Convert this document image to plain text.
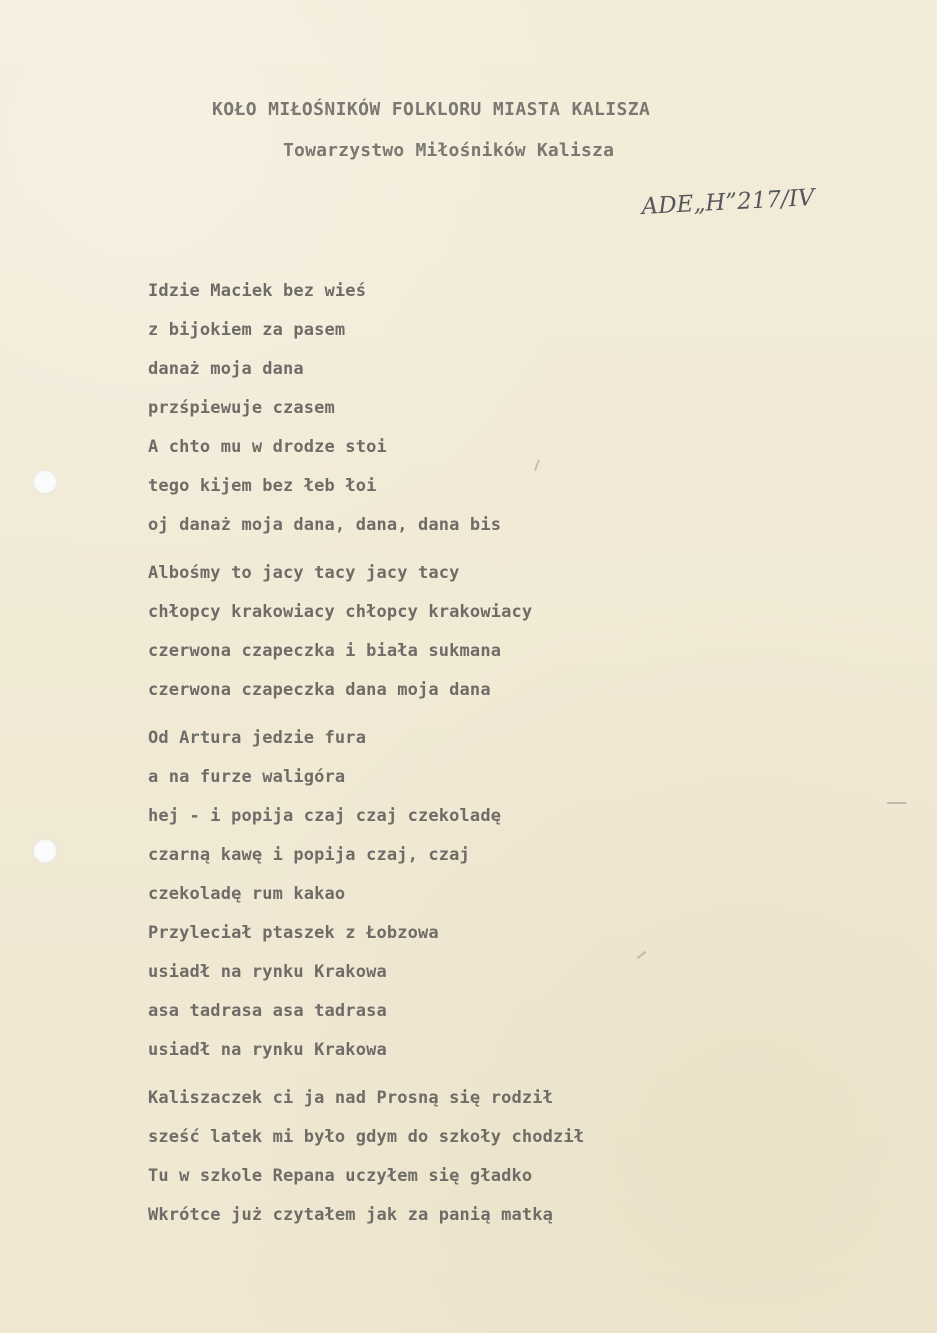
KOŁO MIŁOŚNIKÓW FOLKLORU MIASTA KALISZA
Towarzystwo Miłośników Kalisza
ADE„H”217/IV
Idzie Maciek bez wieś
z bijokiem za pasem
danaż moja dana
przśpiewuje czasem
A chto mu w drodze stoi
tego kijem bez łeb łoi
oj danaż moja dana, dana, dana bis
Albośmy to jacy tacy jacy tacy
chłopcy krakowiacy chłopcy krakowiacy
czerwona czapeczka i biała sukmana
czerwona czapeczka dana moja dana
Od Artura jedzie fura
a na furze waligóra
hej - i popija czaj czaj czekoladę
czarną kawę i popija czaj, czaj
czekoladę rum kakao
Przyleciał ptaszek z Łobzowa
usiadł na rynku Krakowa
asa tadrasa asa tadrasa
usiadł na rynku Krakowa
Kaliszaczek ci ja nad Prosną się rodził
sześć latek mi było gdym do szkoły chodził
Tu w szkole Repana uczyłem się gładko
Wkrótce już czytałem jak za panią matką
